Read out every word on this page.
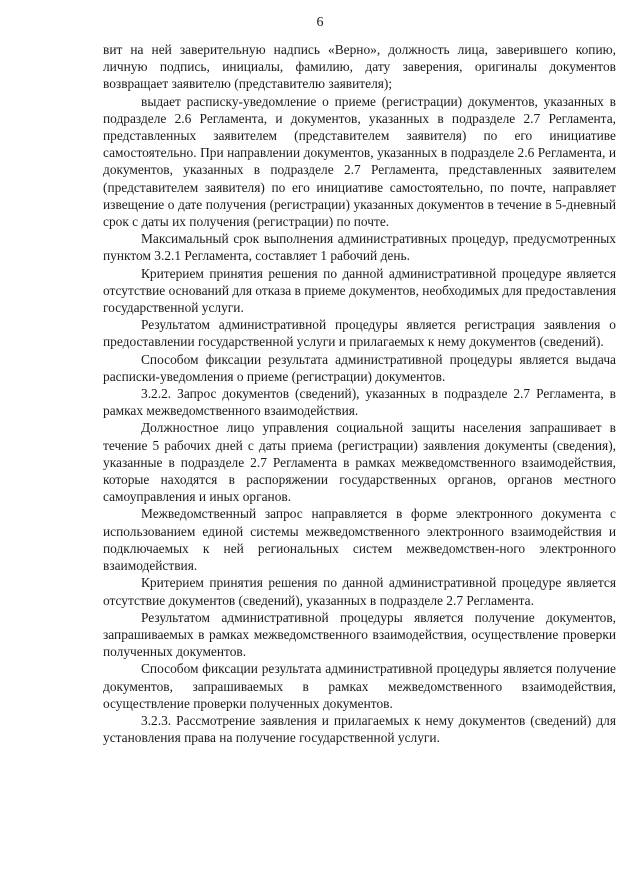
6

вит на ней заверительную надпись «Верно», должность лица, заверившего копию, личную подпись, инициалы, фамилию, дату заверения, оригиналы документов возвращает заявителю (представителю заявителя);

выдает расписку-уведомление о приеме (регистрации) документов, указанных в подразделе 2.6 Регламента, и документов, указанных в подразделе 2.7 Регламента, представленных заявителем (представителем заявителя) по его инициативе самостоятельно. При направлении документов, указанных в подразделе 2.6 Регламента, и документов, указанных в подразделе 2.7 Регламента, представленных заявителем (представителем заявителя) по его инициативе самостоятельно, по почте, направляет извещение о дате получения (регистрации) указанных документов в течение в 5-дневный срок с даты их получения (регистрации) по почте.

Максимальный срок выполнения административных процедур, предусмотренных пунктом 3.2.1 Регламента, составляет 1 рабочий день.

Критерием принятия решения по данной административной процедуре является отсутствие оснований для отказа в приеме документов, необходимых для предоставления государственной услуги.

Результатом административной процедуры является регистрация заявления о предоставлении государственной услуги и прилагаемых к нему документов (сведений).

Способом фиксации результата административной процедуры является выдача расписки-уведомления о приеме (регистрации) документов.

3.2.2. Запрос документов (сведений), указанных в подразделе 2.7 Регламента, в рамках межведомственного взаимодействия.

Должностное лицо управления социальной защиты населения запрашивает в течение 5 рабочих дней с даты приема (регистрации) заявления документы (сведения), указанные в подразделе 2.7 Регламента в рамках межведомственного взаимодействия, которые находятся в распоряжении государственных органов, органов местного самоуправления и иных органов.

Межведомственный запрос направляется в форме электронного документа с использованием единой системы межведомственного электронного взаимодействия и подключаемых к ней региональных систем межведомствен-ного электронного взаимодействия.

Критерием принятия решения по данной административной процедуре является отсутствие документов (сведений), указанных в подразделе 2.7 Регламента.

Результатом административной процедуры является получение документов, запрашиваемых в рамках межведомственного взаимодействия, осуществление проверки полученных документов.

Способом фиксации результата административной процедуры является получение документов, запрашиваемых в рамках межведомственного взаимодействия, осуществление проверки полученных документов.

3.2.3. Рассмотрение заявления и прилагаемых к нему документов (сведений) для установления права на получение государственной услуги.
